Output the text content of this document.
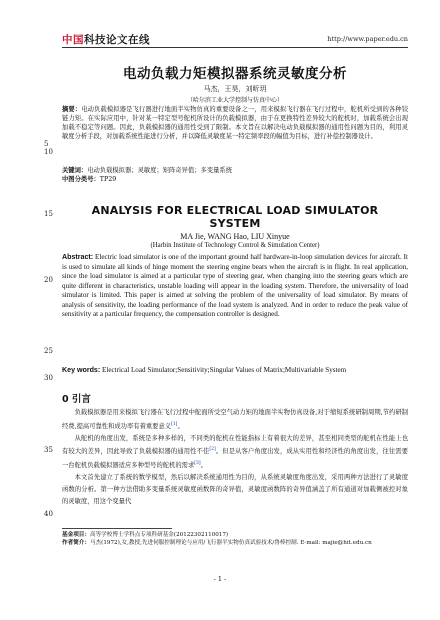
中国科技论文在线	http://www.paper.edu.cn
5
10
15
20
25
30
35
40
电动负载力矩模拟器系统灵敏度分析
马杰，王昊，刘昕玥
（哈尔滨工业大学控制与仿真中心）
摘要：电动负载模拟器是飞行器进行地面半实物仿真的重要设备之一，用来模拟飞行器在飞行过程中，舵机所受到的各种铰链力矩。在实际应用中，针对某一特定型号舵机所设计的负载模拟器，由于在更换特性差异较大的舵机时，加载系统会出现加载不稳定等问题。因此，负载模拟器的通用性受到了限制。本文旨在以解决电动负载模拟器的通用性问题为目的，利用灵敏度分析手段，对加载系统性能进行分析，并以降低灵敏度某一特定频率段的幅值为目标，进行补偿控制器设计。
关键词：电动负载模拟器；灵敏度；矩阵奇异值；多变量系统
中图分类号：TP29
ANALYSIS FOR ELECTRICAL LOAD SIMULATOR
SYSTEM
MA Jie, WANG Hao, LIU Xinyue
(Harbin Institute of Technology Control & Simulation Center)
Abstract: Electric load simulator is one of the important ground half hardware-in-loop simulation devices for aircraft. It is used to simulate all kinds of hinge moment the steering engine bears when the aircraft is in flight. In real application, since the load simulator is aimed at a particular type of steering gear, when changing into the steering gears which are quite different in characteristics, unstable loading will appear in the loading system. Therefore, the universality of load simulator is limited. This paper is aimed at solving the problem of the universality of load simulator. By means of analysis of sensitivity, the loading performance of the load system is analyzed. And in order to reduce the peak value of sensitivity at a particular frequency, the compensation controller is designed.
Key words: Electrical Load Simulator;Sensitivity;Singular Values of Matrix;Multivariable System
0 引言

负载模拟器是用来模拟飞行器在飞行过程中舵面所受空气动力矩的地面半实物仿真设备,对于缩短系统研制周期,节约研制经费,提高可靠性和成功率有着重要意义[1]。

从舵机的角度出发，系统是多种多样的，不同类的舵机在性能指标上有着很大的差异，甚至相同类型的舵机在性能上也有较大的差异，因此导致了负载模拟器的通用性不佳[2]。但是从客户角度出发，成从实用性和经济性的角度出发，往往需要一台舵机负载模拟器适应多种型号的舵机的需求[3]。

本文首先建立了系统的数学模型，然后以解决系统通用性为目的，从系统灵敏度角度出发，采用两种方法进行了灵敏度函数的分析。第一种方法借助多变量系统灵敏度函数阵的奇异值，灵敏度函数阵的奇异值涵盖了所有通道对加载侧被控对象的灵敏度，用这个变量代

基金项目：高等学校博士学科点专项科研基金(20122302110017)
作者简介：马杰(1972),女,教授,先进伺服控制理论与应用/飞行器半实物仿真试验技术/鲁棒控制. E-mail: majie@hit.edu.cn
- 1 -
